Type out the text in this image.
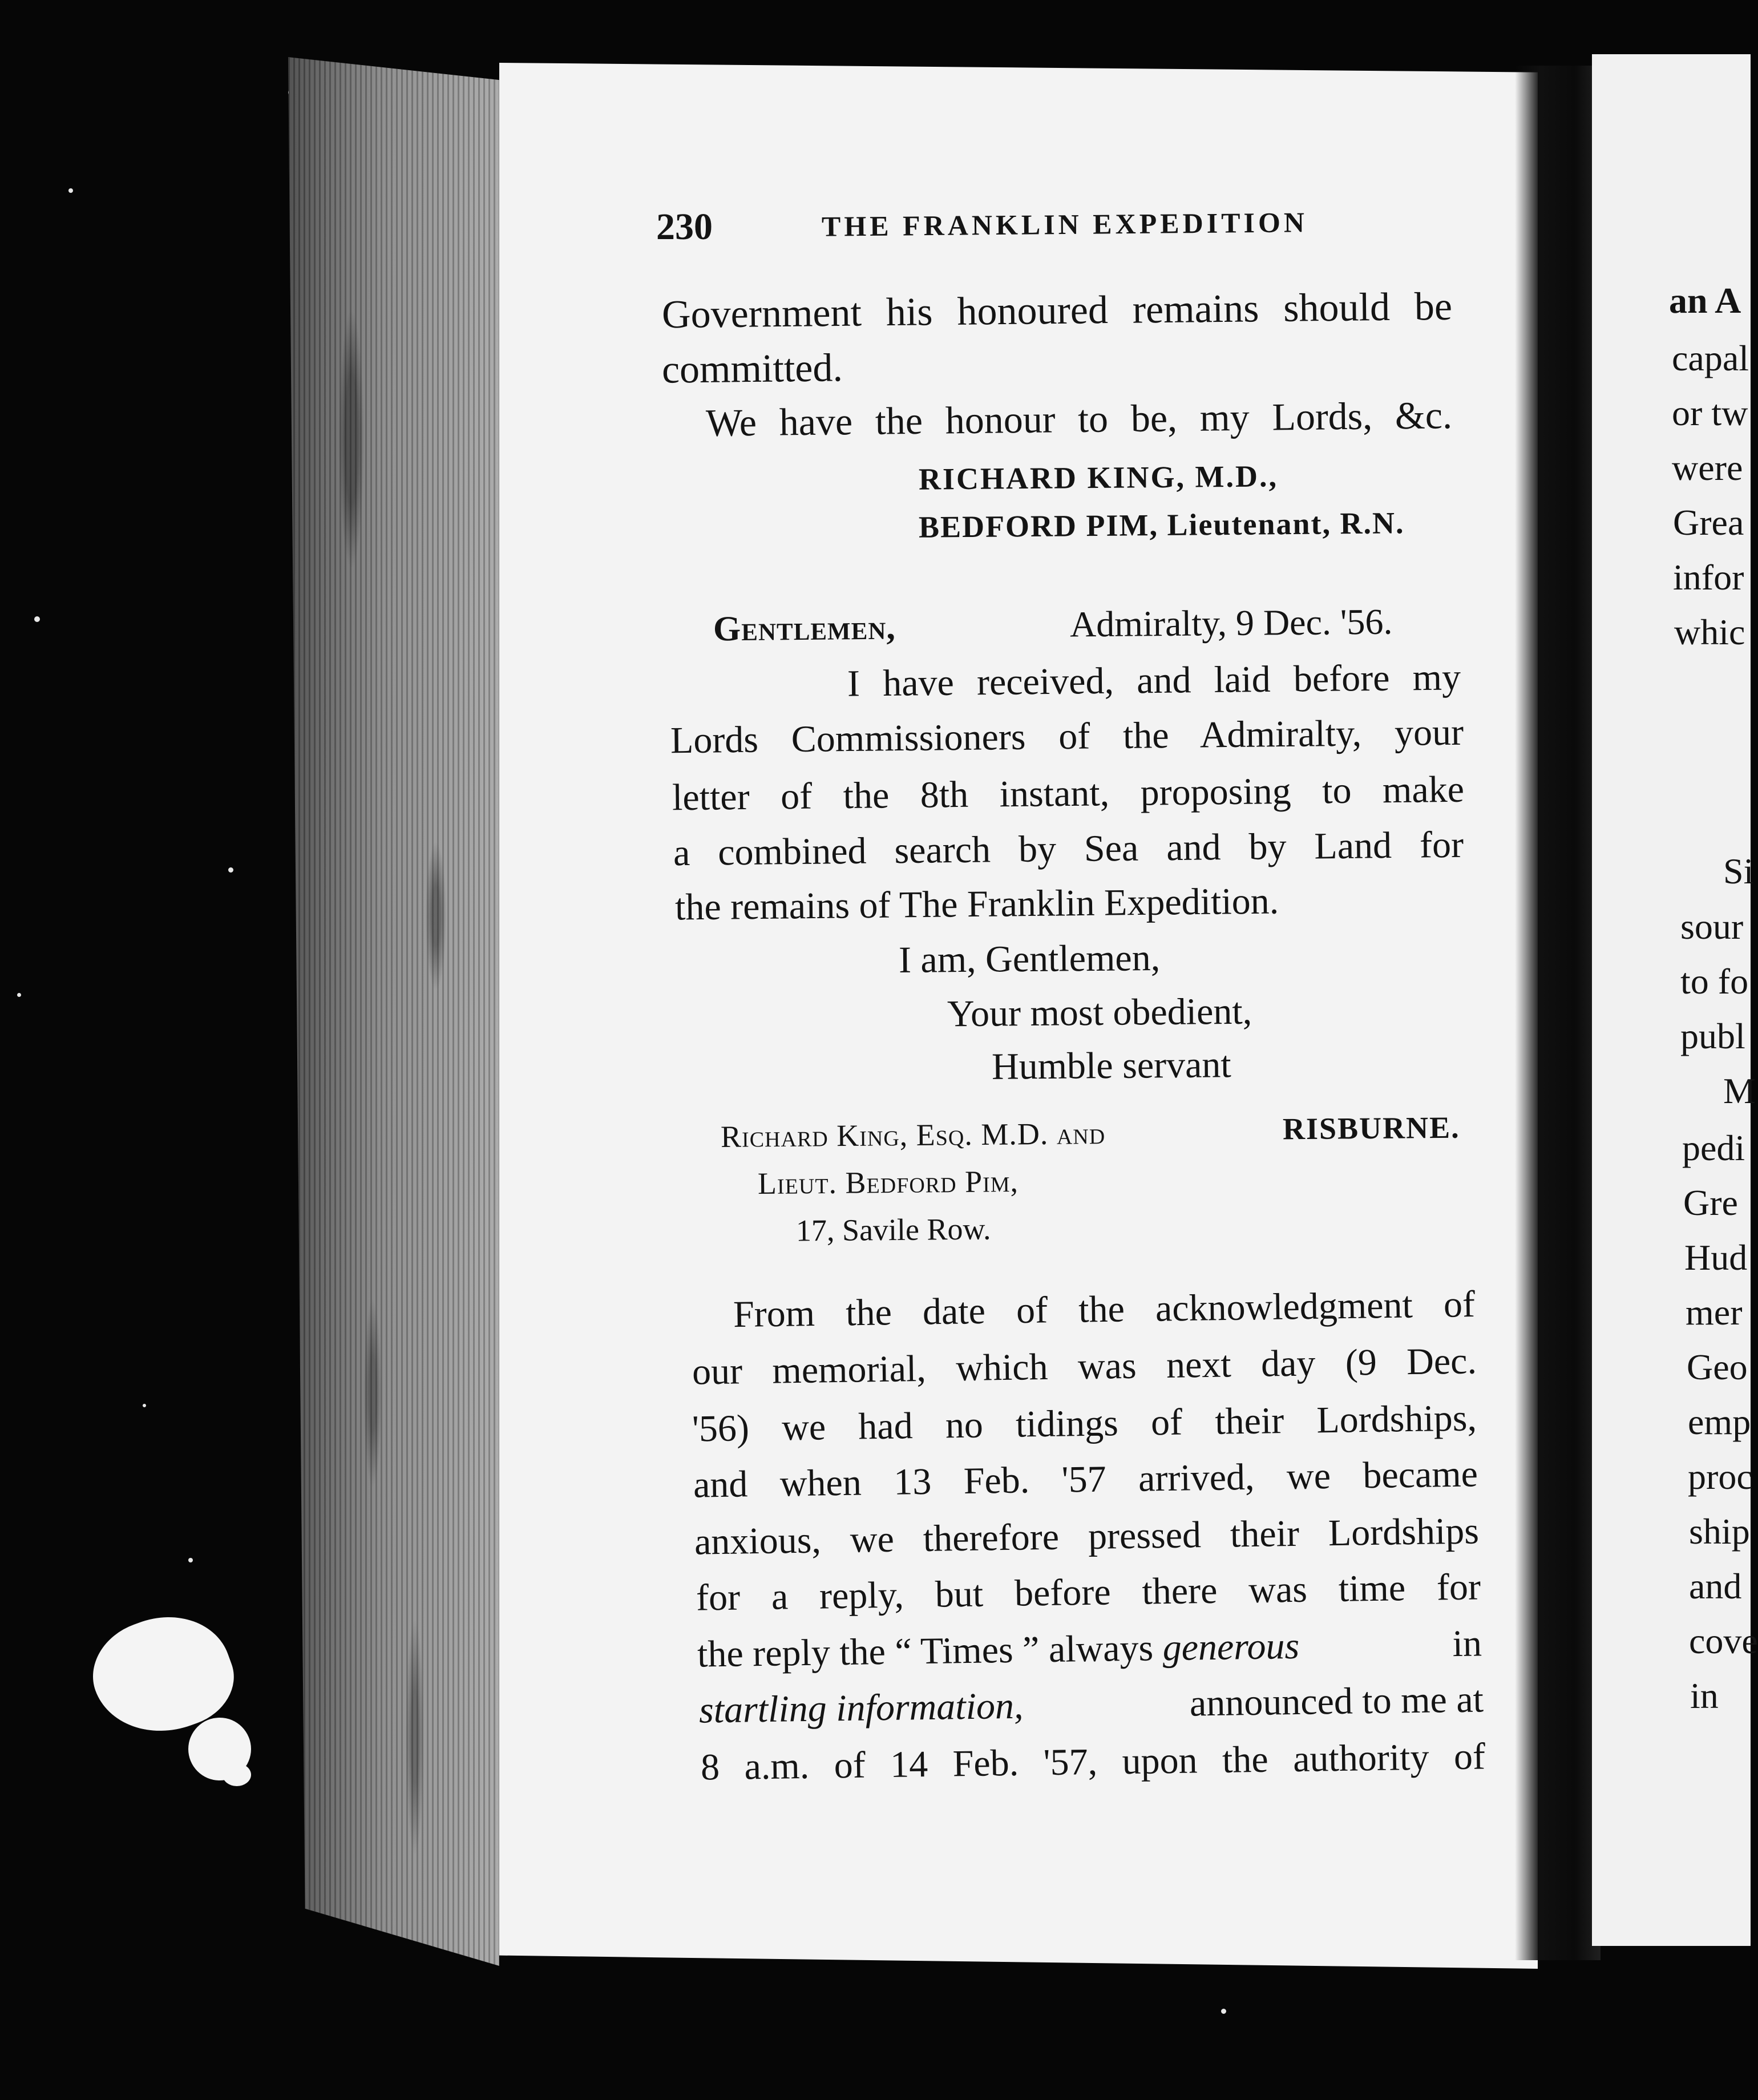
230	THE FRANKLIN EXPEDITION
Government his honoured remains should be
committed.
We have the honour to be, my Lords, &c.
RICHARD KING, M.D.,
BEDFORD PIM, Lieutenant, R.N.
Gentlemen,	Admiralty, 9 Dec. '56.
I have received, and laid before my
Lords Commissioners of the Admiralty, your
letter of the 8th instant, proposing to make
a combined search by Sea and by Land for
the remains of The Franklin Expedition.
I am, Gentlemen,
Your most obedient,
Humble servant
Richard King, Esq. M.D. and	RISBURNE.
Lieut. Bedford Pim,
17, Savile Row.
From the date of the acknowledgment of
our memorial, which was next day (9 Dec.
'56) we had no tidings of their Lordships,
and when 13 Feb. '57 arrived, we became
anxious, we therefore pressed their Lordships
for a reply, but before there was time for
the reply the “ Times ” always
generous	in
startling information,	announced to me at
8 a.m. of 14 Feb. '57, upon the authority of
an A
capal
or tw
were
Grea
infor
whic
Si
sour
to fo
publ
M
pedi
Gre
Hud
mer
Geo
emp
proc
ship
and
cove
in
